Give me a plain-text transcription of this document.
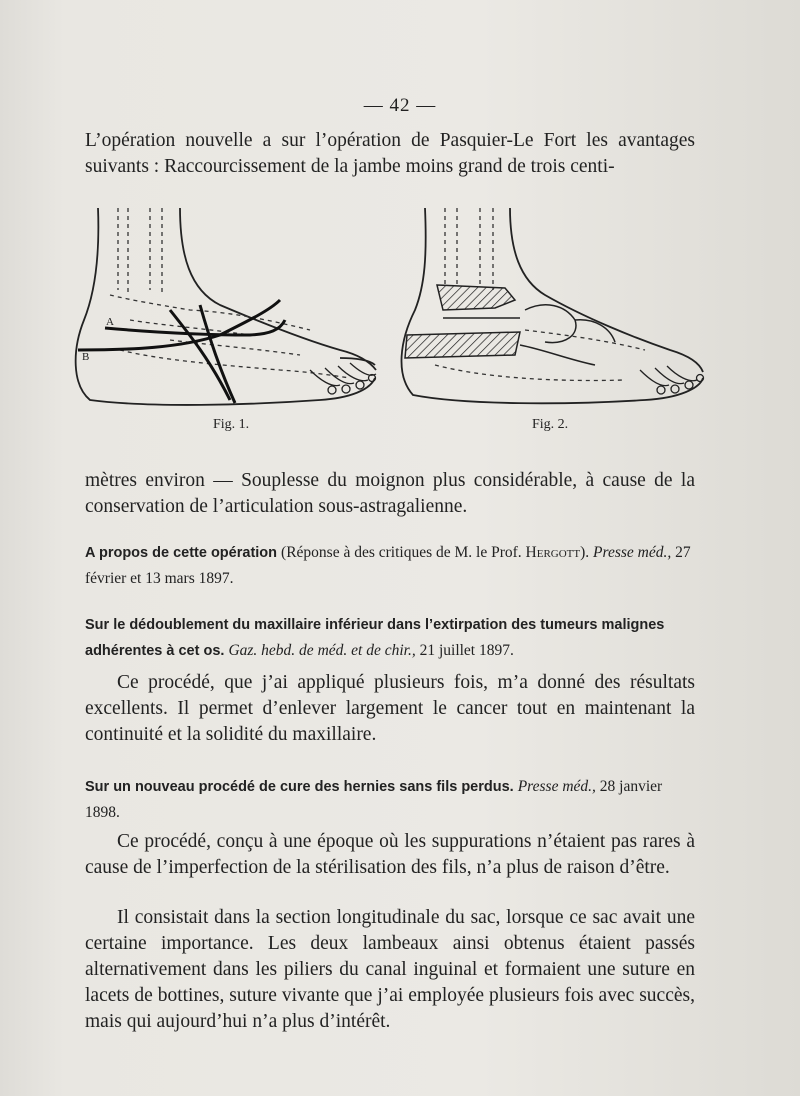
— 42 —

L’opération nouvelle a sur l’opération de Pasquier-Le Fort les avantages suivants : Raccourcissement de la jambe moins grand de trois centi-

A
B
Fig. 1.	Fig. 2.

mètres environ — Souplesse du moignon plus considérable, à cause de la conservation de l’articulation sous-astragalienne.

A propos de cette opération (Réponse à des critiques de M. le Prof. Hergott). Presse méd., 27 février et 13 mars 1897.
Sur le dédoublement du maxillaire inférieur dans l’extirpation des tumeurs malignes adhérentes à cet os. Gaz. hebd. de méd. et de chir., 21 juillet 1897.

Ce procédé, que j’ai appliqué plusieurs fois, m’a donné des résultats excellents. Il permet d’enlever largement le cancer tout en maintenant la continuité et la solidité du maxillaire.

Sur un nouveau procédé de cure des hernies sans fils perdus. Presse méd., 28 janvier 1898.

Ce procédé, conçu à une époque où les suppurations n’étaient pas rares à cause de l’imperfection de la stérilisation des fils, n’a plus de raison d’être.

Il consistait dans la section longitudinale du sac, lorsque ce sac avait une certaine importance. Les deux lambeaux ainsi obtenus étaient passés alternativement dans les piliers du canal inguinal et formaient une suture en lacets de bottines, suture vivante que j’ai employée plusieurs fois avec succès, mais qui aujourd’hui n’a plus d’intérêt.
